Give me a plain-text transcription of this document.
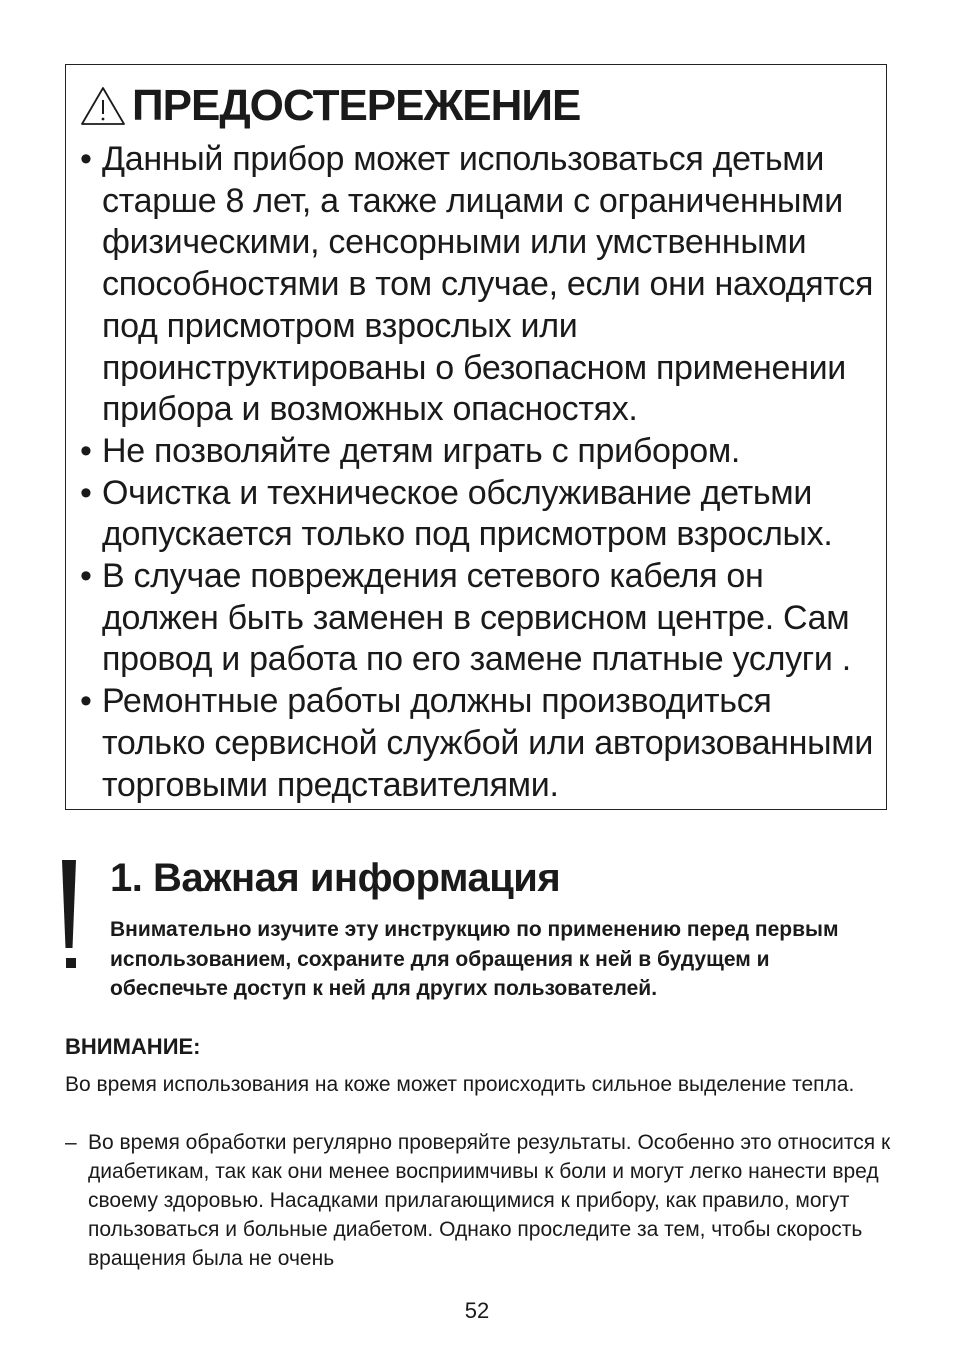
ПРЕДОСТЕРЕЖЕНИЕ
• Данный прибор может использоваться детьми старше 8 лет, а также лицами с ограниченными физическими, сенсорными или умственными способностями в том случае, если они находятся под присмотром взрослых или проинструктированы о безопасном применении прибора и возможных опасностях.
• Не позволяйте детям играть с прибором.
• Очистка и техническое обслуживание детьми допускается только под присмотром взрослых.
• В случае повреждения сетевого кабеля он должен быть заменен в сервисном центре. Сам провод и работа по его замене платные услуги .
• Ремонтные работы должны производиться только сервисной службой или авторизованными торговыми представителями.
1. Важная информация

Внимательно изучите эту инструкцию по применению перед первым использованием, сохраните для обращения к ней в будущем и обеспечьте доступ к ней для других пользователей.

ВНИМАНИЕ:

Во время использования на коже может происходить сильное выделение тепла.

– Во время обработки регулярно проверяйте результаты. Особенно это относится к диабетикам, так как они менее восприимчивы к боли и могут легко нанести вред своему здоровью. Насадками прилагающимися к прибору, как правило, могут пользоваться и больные диабетом. Однако проследите за тем, чтобы скорость вращения была не очень

52
